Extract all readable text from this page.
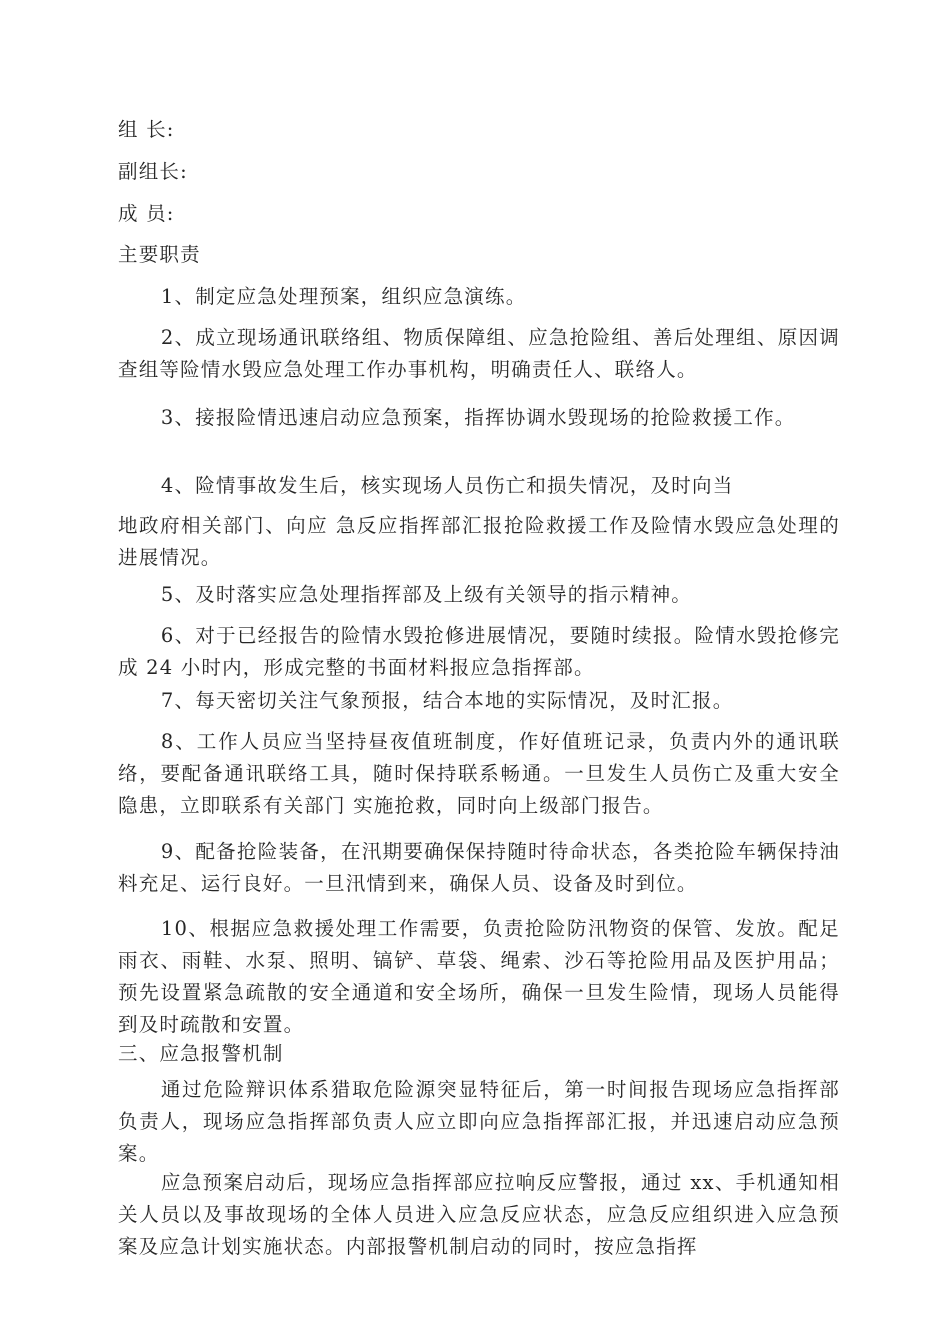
组 长:
副组长:
成 员:
主要职责
1、制定应急处理预案，组织应急演练。
2、成立现场通讯联络组、物质保障组、应急抢险组、善后处理组、原因调查组等险情水毁应急处理工作办事机构，明确责任人、联络人。
3、接报险情迅速启动应急预案，指挥协调水毁现场的抢险救援工作。
4、险情事故发生后，核实现场人员伤亡和损失情况，及时向当
地政府相关部门、向应 急反应指挥部汇报抢险救援工作及险情水毁应急处理的进展情况。
5、及时落实应急处理指挥部及上级有关领导的指示精神。
6、对于已经报告的险情水毁抢修进展情况，要随时续报。险情水毁抢修完成 24 小时内，形成完整的书面材料报应急指挥部。
7、每天密切关注气象预报，结合本地的实际情况，及时汇报。
8、工作人员应当坚持昼夜值班制度，作好值班记录，负责内外的通讯联络，要配备通讯联络工具，随时保持联系畅通。一旦发生人员伤亡及重大安全隐患，立即联系有关部门 实施抢救，同时向上级部门报告。
9、配备抢险装备，在汛期要确保保持随时待命状态，各类抢险车辆保持油料充足、运行良好。一旦汛情到来，确保人员、设备及时到位。
10、根据应急救援处理工作需要，负责抢险防汛物资的保管、发放。配足雨衣、雨鞋、水泵、照明、镐铲、草袋、绳索、沙石等抢险用品及医护用品；预先设置紧急疏散的安全通道和安全场所，确保一旦发生险情，现场人员能得到及时疏散和安置。
三、应急报警机制
通过危险辩识体系猎取危险源突显特征后，第一时间报告现场应急指挥部负责人，现场应急指挥部负责人应立即向应急指挥部汇报，并迅速启动应急预案。
应急预案启动后，现场应急指挥部应拉响反应警报，通过 xx、手机通知相关人员以及事故现场的全体人员进入应急反应状态，应急反应组织进入应急预案及应急计划实施状态。内部报警机制启动的同时，按应急指挥
